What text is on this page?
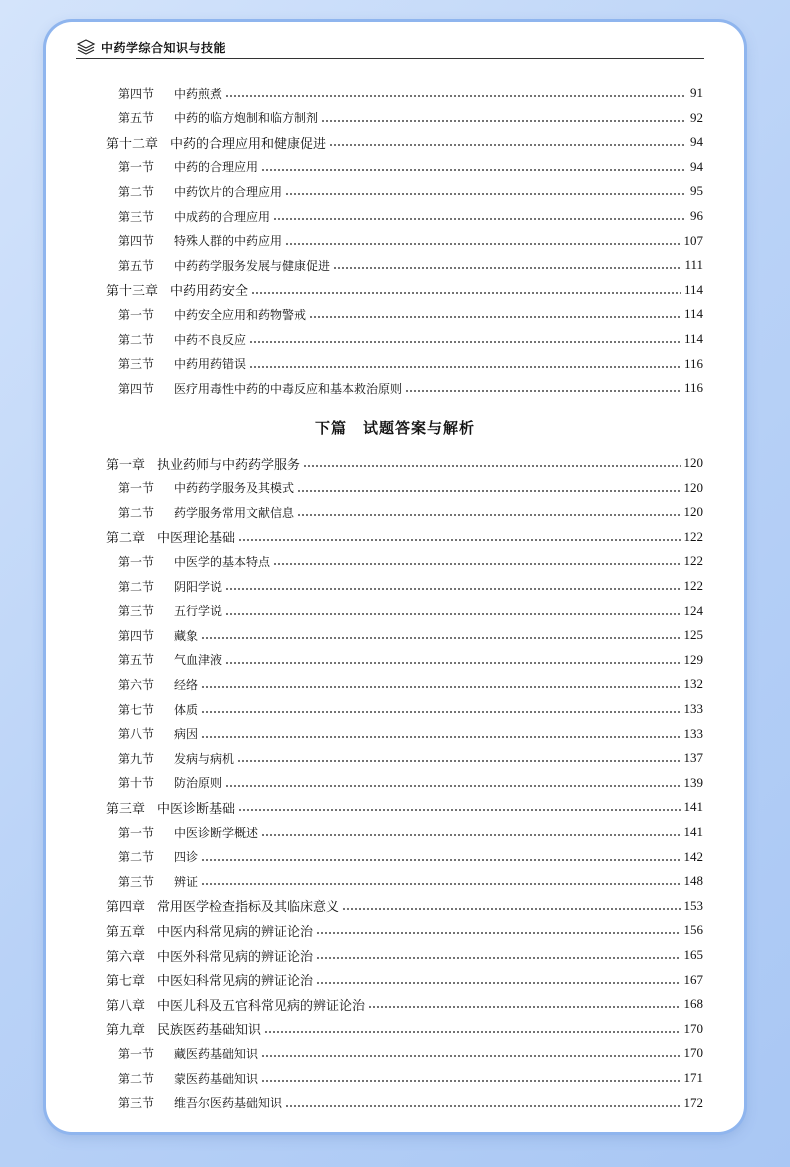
中药学综合知识与技能
下篇　试题答案与解析
第四节	中药煎煮	91
第五节	中药的临方炮制和临方制剂	92
第十二章 中药的合理应用和健康促进	94
第一节	中药的合理应用	94
第二节	中药饮片的合理应用	95
第三节	中成药的合理应用	96
第四节	特殊人群的中药应用	107
第五节	中药药学服务发展与健康促进	111
第十三章 中药用药安全	114
第一节	中药安全应用和药物警戒	114
第二节	中药不良反应	114
第三节	中药用药错误	116
第四节	医疗用毒性中药的中毒反应和基本救治原则	116
第一章 执业药师与中药药学服务	120
第一节	中药药学服务及其模式	120
第二节	药学服务常用文献信息	120
第二章 中医理论基础	122
第一节	中医学的基本特点	122
第二节	阴阳学说	122
第三节	五行学说	124
第四节	藏象	125
第五节	气血津液	129
第六节	经络	132
第七节	体质	133
第八节	病因	133
第九节	发病与病机	137
第十节	防治原则	139
第三章 中医诊断基础	141
第一节	中医诊断学概述	141
第二节	四诊	142
第三节	辨证	148
第四章 常用医学检查指标及其临床意义	153
第五章 中医内科常见病的辨证论治	156
第六章 中医外科常见病的辨证论治	165
第七章 中医妇科常见病的辨证论治	167
第八章 中医儿科及五官科常见病的辨证论治	168
第九章 民族医药基础知识	170
第一节	藏医药基础知识	170
第二节	蒙医药基础知识	171
第三节	维吾尔医药基础知识	172
